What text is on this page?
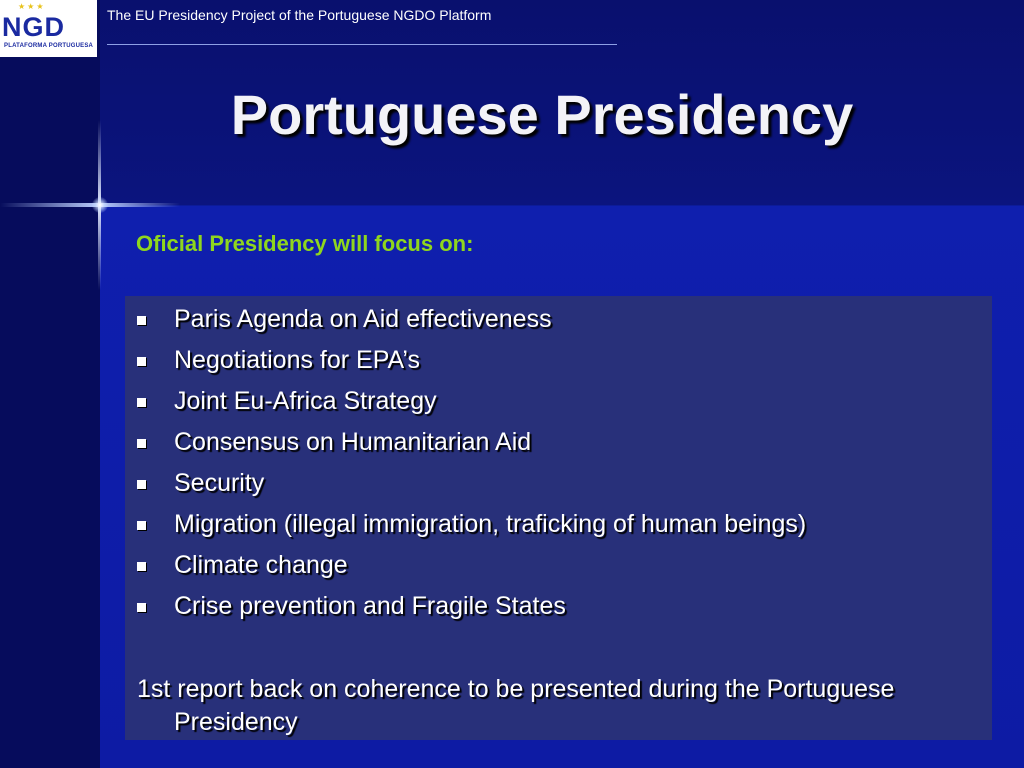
★★★
NGD
PLATAFORMA PORTUGUESA
The EU Presidency Project of the Portuguese NGDO Platform
Portuguese Presidency
Oficial Presidency will focus on:
Paris Agenda on Aid effectiveness
Negotiations for EPA’s
Joint Eu-Africa Strategy
Consensus on Humanitarian Aid
Security
Migration (illegal immigration, traficking of human beings)
Climate change
Crise prevention and Fragile States
1st report back on coherence to be presented during the Portuguese Presidency
